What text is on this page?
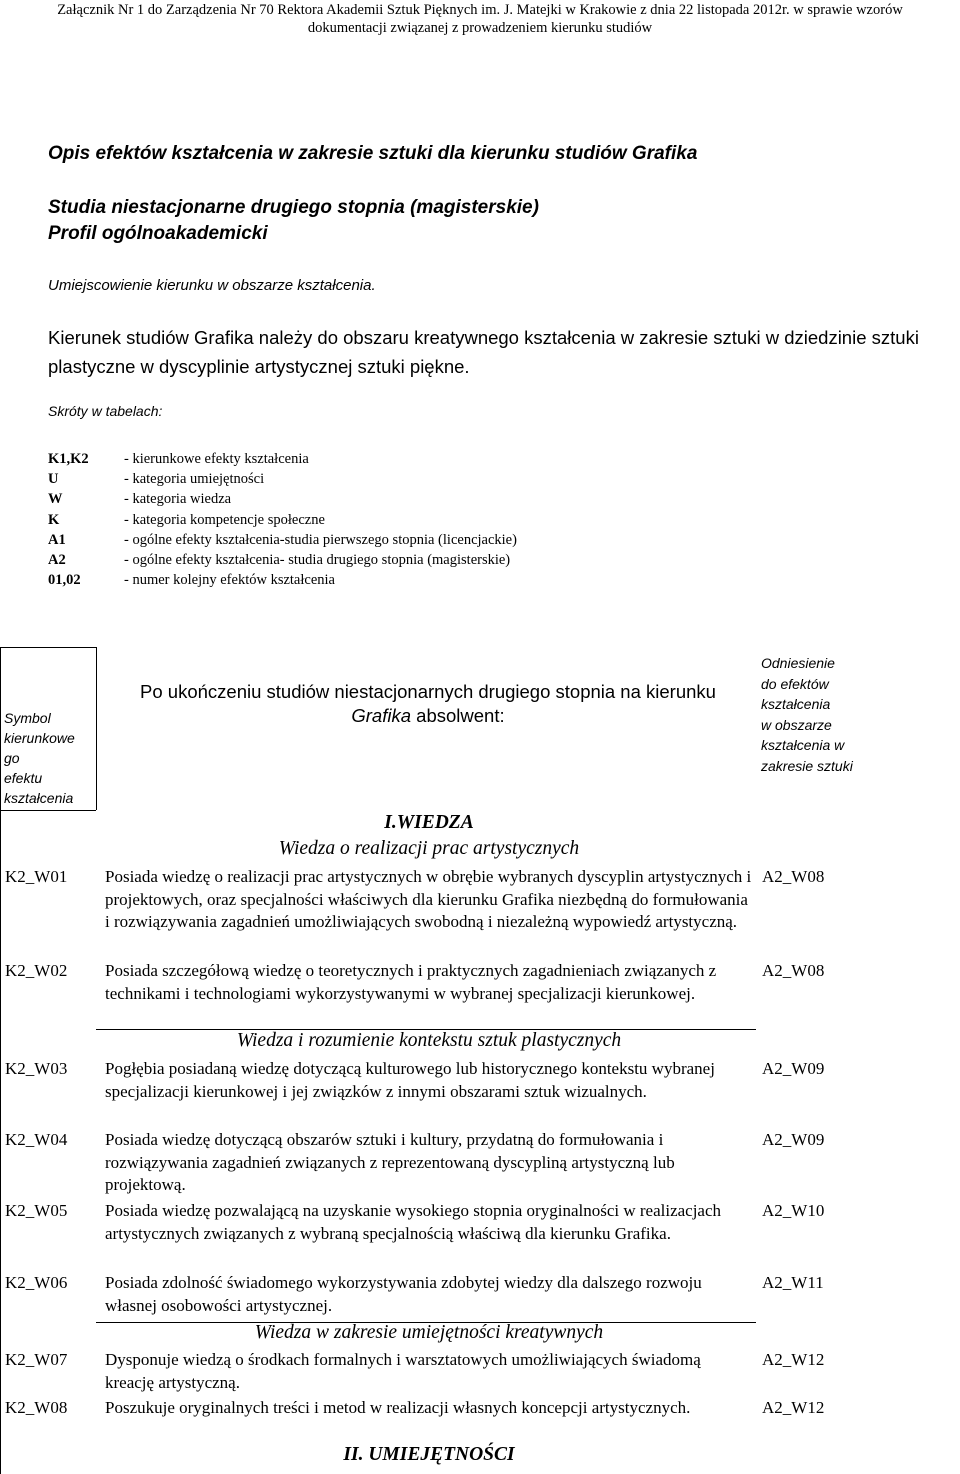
Załącznik Nr 1 do Zarządzenia Nr 70 Rektora Akademii Sztuk Pięknych im. J. Matejki w Krakowie z dnia 22 listopada 2012r. w sprawie wzorów
dokumentacji związanej z prowadzeniem kierunku studiów
Opis efektów kształcenia w zakresie sztuki dla kierunku studiów Grafika
Studia niestacjonarne drugiego stopnia (magisterskie)
Profil ogólnoakademicki
Umiejscowienie kierunku w obszarze kształcenia.
Kierunek studiów Grafika należy do obszaru kreatywnego kształcenia w zakresie sztuki w dziedzinie sztuki plastyczne w dyscyplinie artystycznej sztuki piękne.
Skróty w tabelach:
K1,K2	- kierunkowe efekty kształcenia
U	- kategoria umiejętności
W	- kategoria wiedza
K	- kategoria kompetencje społeczne
A1	- ogólne efekty kształcenia-studia pierwszego stopnia (licencjackie)
A2	- ogólne efekty kształcenia- studia drugiego stopnia (magisterskie)
01,02	- numer kolejny efektów kształcenia
Symbol
kierunkowe
go
efektu
kształcenia
Po ukończeniu studiów niestacjonarnych drugiego stopnia na kierunku
Grafika absolwent:
Odniesienie
do efektów
kształcenia
w obszarze
kształcenia w
zakresie sztuki
I.WIEDZA
Wiedza o realizacji prac artystycznych
K2_W01 Posiada wiedzę o realizacji prac artystycznych w obrębie wybranych dyscyplin artystycznych i projektowych, oraz specjalności właściwych dla kierunku Grafika niezbędną do formułowania i rozwiązywania zagadnień umożliwiających swobodną i niezależną wypowiedź artystyczną.
A2_W08
K2_W02 Posiada szczegółową wiedzę o teoretycznych i praktycznych zagadnieniach związanych z technikami i technologiami wykorzystywanymi w wybranej specjalizacji kierunkowej.
A2_W08
Wiedza i rozumienie kontekstu sztuk plastycznych
K2_W03 Pogłębia posiadaną wiedzę dotyczącą kulturowego lub historycznego kontekstu wybranej specjalizacji kierunkowej i jej związków z innymi obszarami sztuk wizualnych.
A2_W09
K2_W04 Posiada wiedzę dotyczącą obszarów sztuki i kultury, przydatną do formułowania i rozwiązywania zagadnień związanych z reprezentowaną dyscypliną artystyczną lub projektową.
A2_W09
K2_W05 Posiada wiedzę pozwalającą na uzyskanie wysokiego stopnia oryginalności w realizacjach artystycznych związanych z wybraną specjalnością właściwą dla kierunku Grafika.
A2_W10
K2_W06 Posiada zdolność świadomego wykorzystywania zdobytej wiedzy dla dalszego rozwoju własnej osobowości artystycznej.
A2_W11
Wiedza w zakresie umiejętności kreatywnych
K2_W07 Dysponuje wiedzą o środkach formalnych i warsztatowych umożliwiających świadomą kreację artystyczną.
A2_W12
K2_W08 Poszukuje oryginalnych treści i metod w realizacji własnych koncepcji artystycznych.	A2_W12
II. UMIEJĘTNOŚCI
